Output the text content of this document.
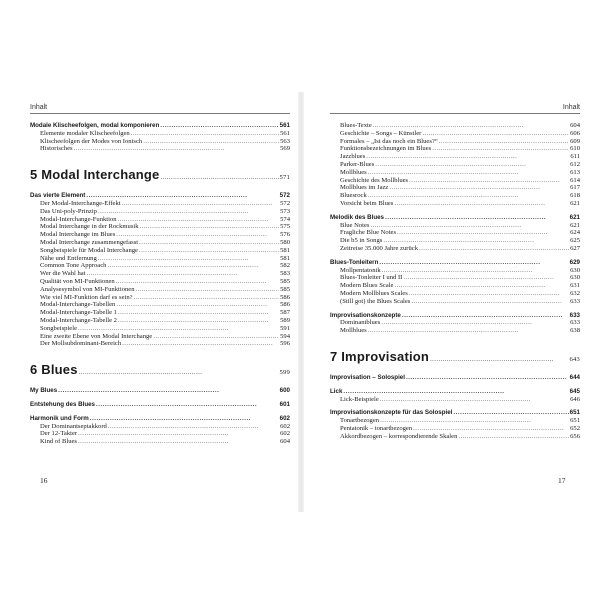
Inhalt
Modale Klischeefolgen, modal komponieren . . .	561
Elemente modaler Klischeefolgen . . .	561
Klischeefolgen der Modes von Ionisch . . .	563
Historisches . . .	569
5 Modal Interchange . . .	571
Das vierte Element . . .	572
Der Modal-Interchange-Effekt . . .	572
Das Uni-poly-Prinzip . . .	573
Modal-Interchange-Funktion . . .	574
Modal Interchange in der Rockmusik . . .	575
Modal Interchange im Blues . . .	576
Modal Interchange zusammengefasst . . .	580
Songbeispiele für Modal Interchange . . .	581
Nähe und Entfernung . . .	581
Common Tone Approach . . .	582
Wer die Wahl hat . . .	583
Qualität von MI-Funktionen . . .	585
Analysesymbol von MI-Funktionen . . .	585
Wie viel MI-Funktion darf es sein? . . .	586
Modal-Interchange-Tabellen . . .	586
Modal-Interchange-Tabelle 1 . . .	587
Modal-Interchange-Tabelle 2 . . .	589
Songbeispiele . . .	591
Eine zweite Ebene von Modal Interchange . . .	594
Der Mollsubdominant-Bereich . . .	596
6 Blues . . .	599
My Blues . . .	600
Entstehung des Blues . . .	601
Harmonik und Form . . .	602
Der Dominantseptakkord . . .	602
Der 12-Takter . . .	602
Kind of Blues . . .	604
Inhalt
Blues-Texte . . .	604
Geschichte – Songs – Künstler . . .	606
Formales – „Ist das noch ein Blues?“ . . .	609
Funktionsbezeichnungen im Blues . . .	610
Jazzblues . . .	611
Parker-Blues . . .	612
Mollblues . . .	613
Geschichte des Mollblues . . .	614
Mollblues im Jazz . . .	617
Bluesrock . . .	618
Vorsicht beim Blues . . .	621
Melodik des Blues . . .	621
Blue Notes . . .	621
Fragliche Blue Notes . . .	624
Die b5 in Songs . . .	625
Zeitreise 35.000 Jahre zurück . . .	627
Blues-Tonleitern . . .	629
Mollpentatonik . . .	630
Blues-Tonleiter I und II . . .	630
Modern Blues Scale . . .	631
Modern Mollblues Scales . . .	632
(Still got) the Blues Scales . . .	633
Improvisationskonzepte . . .	633
Dominantblues . . .	633
Mollblues . . .	638
7 Improvisation . . .	643
Improvisation – Solospiel . . .	644
Lick . . .	645
Lick-Beispiele . . .	646
Improvisationskonzepte für das Solospiel . . .	651
Tonartbezogen . . .	651
Pentatonik – tonartbezogen . . .	652
Akkordbezogen – korrespondierende Skalen . . .	656
16	17
